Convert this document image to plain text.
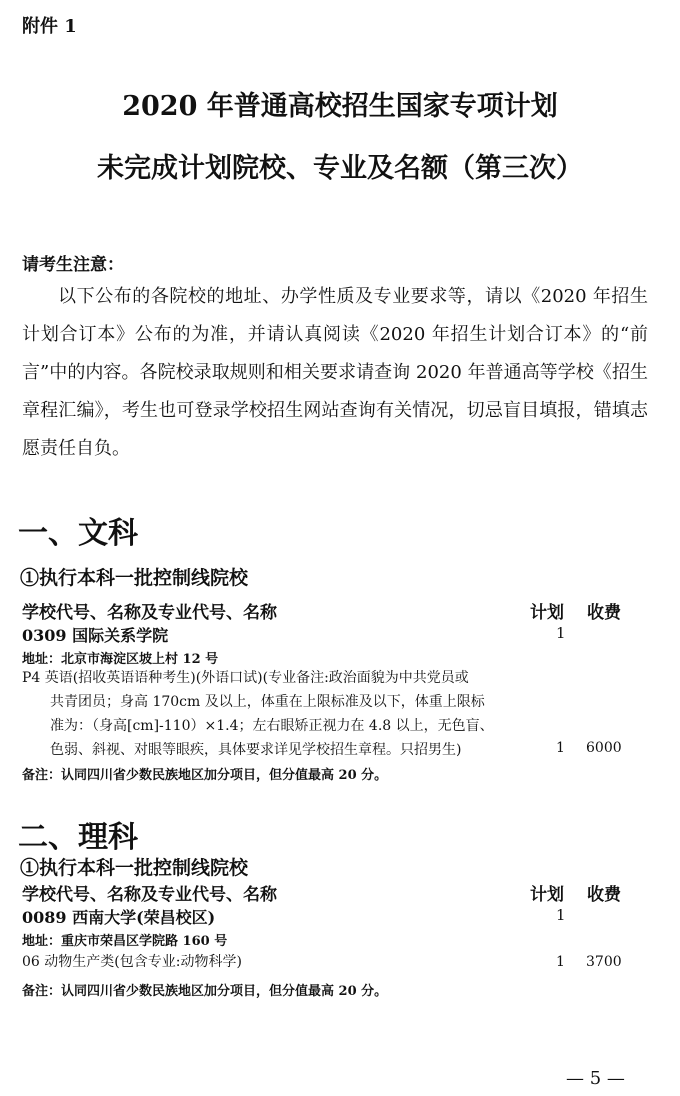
附件 1
2020 年普通高校招生国家专项计划
未完成计划院校、专业及名额（第三次）
请考生注意：

以下公布的各院校的地址、办学性质及专业要求等，请以《2020 年招生计划合订本》公布的为准，并请认真阅读《2020 年招生计划合订本》的“前言”中的内容。各院校录取规则和相关要求请查询 2020 年普通高等学校《招生章程汇编》，考生也可登录学校招生网站查询有关情况，切忌盲目填报，错填志愿责任自负。

一、文科
①执行本科一批控制线院校
学校代号、名称及专业代号、名称	计划 收费
0309 国际关系学院	1
地址：北京市海淀区坡上村 12 号
P4 英语(招收英语语种考生)(外语口试)(专业备注:政治面貌为中共党员或
共青团员；身高 170cm 及以上，体重在上限标准及以下，体重上限标
准为：（身高[cm]-110）×1.4；左右眼矫正视力在 4.8 以上，无色盲、
色弱、斜视、对眼等眼疾，具体要求详见学校招生章程。只招男生)	1 6000
备注：认同四川省少数民族地区加分项目，但分值最高 20 分。
二、理科
①执行本科一批控制线院校
学校代号、名称及专业代号、名称	计划 收费
0089 西南大学(荣昌校区)	1
地址：重庆市荣昌区学院路 160 号
06 动物生产类(包含专业:动物科学)	1 3700
备注：认同四川省少数民族地区加分项目，但分值最高 20 分。
— 5 —
